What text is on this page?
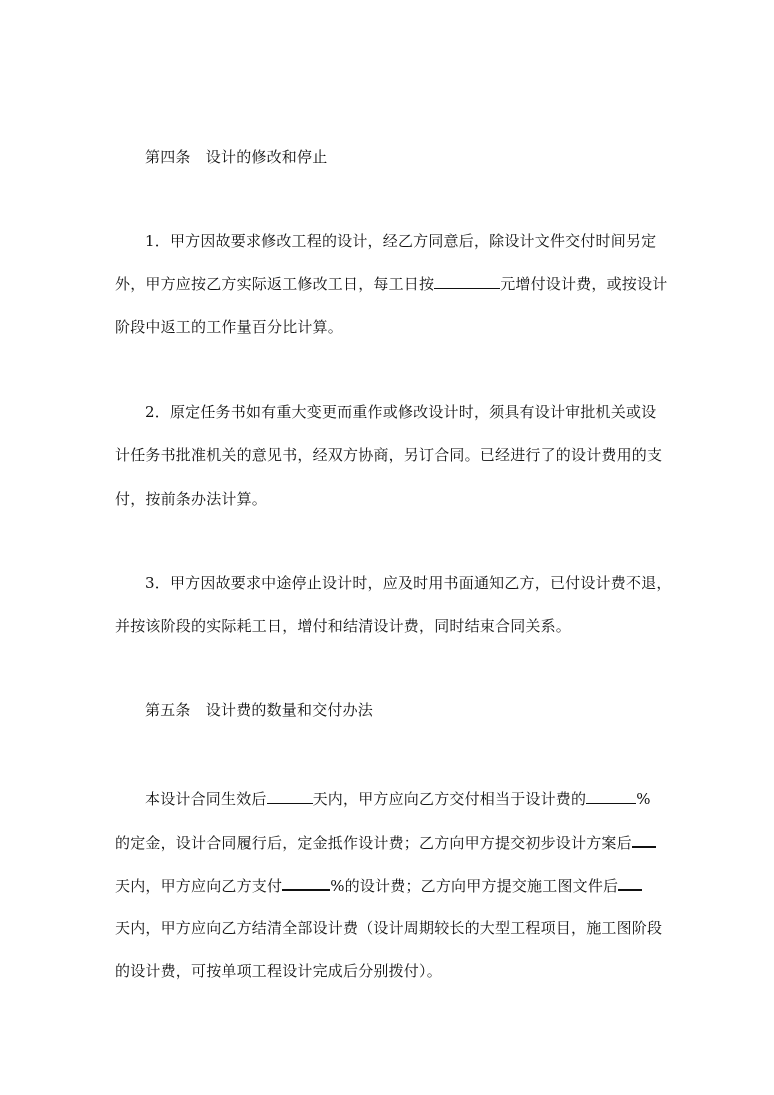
第四条　设计的修改和停止
1．甲方因故要求修改工程的设计，经乙方同意后，除设计文件交付时间另定
外，甲方应按乙方实际返工修改工日，每工日按	元增付设计费，或按设计
阶段中返工的工作量百分比计算。
2．原定任务书如有重大变更而重作或修改设计时，须具有设计审批机关或设
计任务书批准机关的意见书，经双方协商，另订合同。已经进行了的设计费用的支
付，按前条办法计算。
3．甲方因故要求中途停止设计时，应及时用书面通知乙方，已付设计费不退，
并按该阶段的实际耗工日，增付和结清设计费，同时结束合同关系。
第五条　设计费的数量和交付办法
本设计合同生效后	天内，甲方应向乙方交付相当于设计费的	%
的定金，设计合同履行后，定金抵作设计费；乙方向甲方提交初步设计方案后
天内，甲方应向乙方支付	%的设计费；乙方向甲方提交施工图文件后
天内，甲方应向乙方结清全部设计费（设计周期较长的大型工程项目，施工图阶段
的设计费，可按单项工程设计完成后分别拨付）。
